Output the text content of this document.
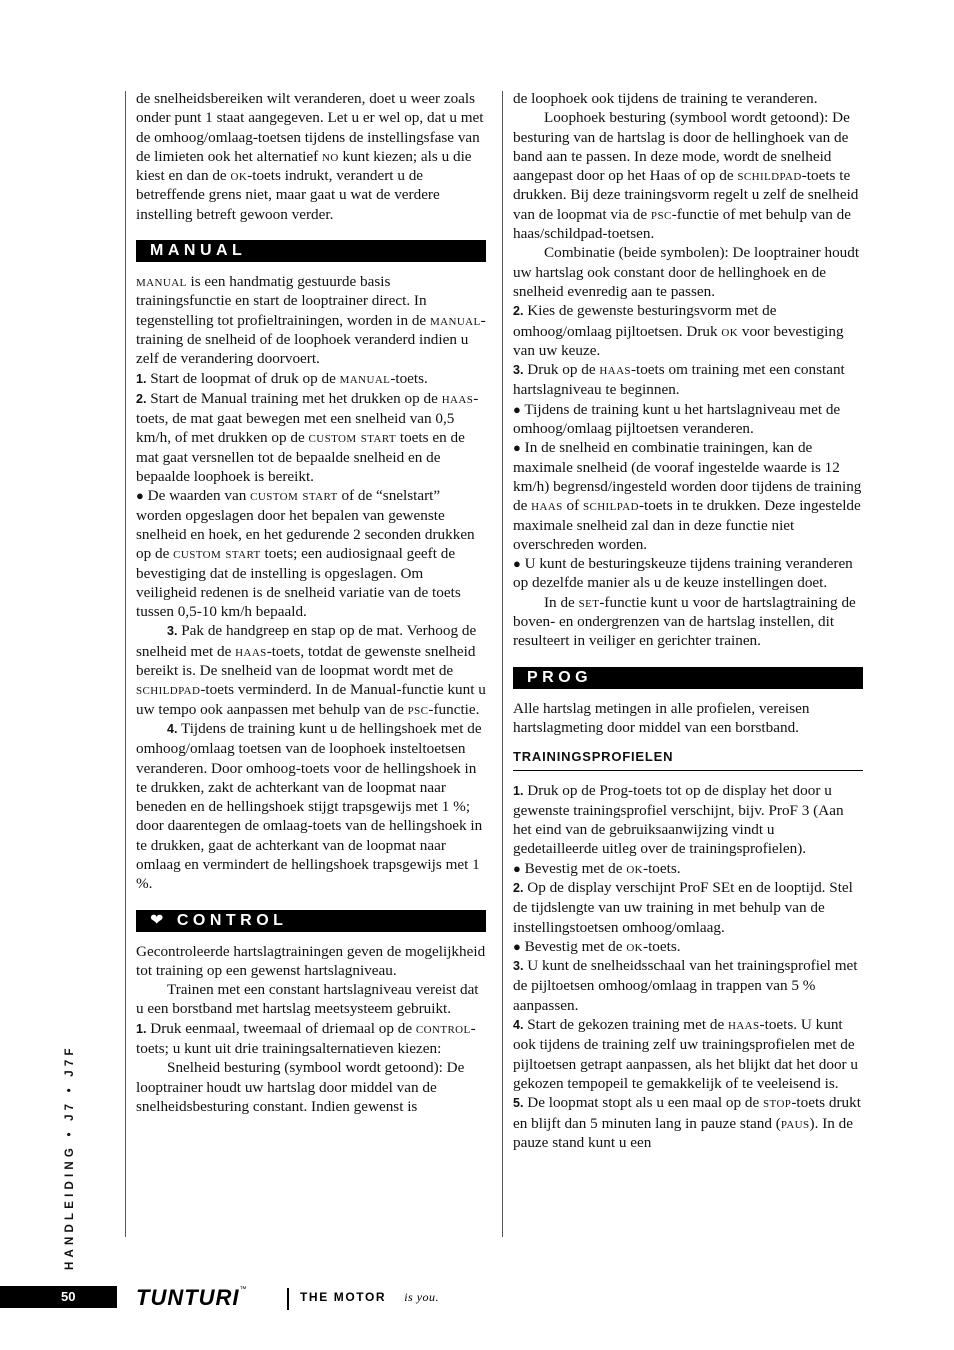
de snelheidsbereiken wilt veranderen, doet u weer zoals onder punt 1 staat aangegeven. Let u er wel op, dat u met de omhoog/omlaag-toetsen tijdens de instellingsfase van de limieten ook het alternatief no kunt kiezen; als u die kiest en dan de ok-toets indrukt, verandert u de betreffende grens niet, maar gaat u wat de verdere instelling betreft gewoon verder.

MANUAL

manual is een handmatig gestuurde basis trainingsfunctie en start de looptrainer direct. In tegenstelling tot profieltrainingen, worden in de manual-training de snelheid of de loophoek veranderd indien u zelf de verandering doorvoert.

1. Start de loopmat of druk op de manual-toets.

2. Start de Manual training met het drukken op de haas-toets, de mat gaat bewegen met een snelheid van 0,5 km/h, of met drukken op de custom start toets en de mat gaat versnellen tot de bepaalde snelheid en de bepaalde loophoek is bereikt.

● De waarden van custom start of de “snelstart” worden opgeslagen door het bepalen van gewenste snelheid en hoek, en het gedurende 2 seconden drukken op de custom start toets; een audiosignaal geeft de bevestiging dat de instelling is opgeslagen. Om veiligheid redenen is de snelheid variatie van de toets tussen 0,5-10 km/h bepaald.

3. Pak de handgreep en stap op de mat. Verhoog de snelheid met de haas-toets, totdat de gewenste snelheid bereikt is. De snelheid van de loopmat wordt met de schildpad-toets verminderd. In de Manual-functie kunt u uw tempo ook aanpassen met behulp van de psc-functie.

4. Tijdens de training kunt u de hellingshoek met de omhoog/omlaag toetsen van de loophoek insteltoetsen veranderen. Door omhoog-toets voor de hellingshoek in te drukken, zakt de achterkant van de loopmat naar beneden en de hellingshoek stijgt trapsgewijs met 1 %; door daarentegen de omlaag-toets van de hellingshoek in te drukken, gaat de achterkant van de loopmat naar omlaag en vermindert de hellingshoek trapsgewijs met 1 %.

❤ CONTROL

Gecontroleerde hartslagtrainingen geven de mogelijkheid tot training op een gewenst hartslagniveau.

Trainen met een constant hartslagniveau vereist dat u een borstband met hartslag meetsysteem gebruikt.

1. Druk eenmaal, tweemaal of driemaal op de control-toets; u kunt uit drie trainingsalternatieven kiezen:

Snelheid besturing (symbool wordt getoond): De looptrainer houdt uw hartslag door middel van de snelheidsbesturing constant. Indien gewenst is

de loophoek ook tijdens de training te veranderen.

Loophoek besturing (symbool wordt getoond): De besturing van de hartslag is door de hellinghoek van de band aan te passen. In deze mode, wordt de snelheid aangepast door op het Haas of op de schildpad-toets te drukken. Bij deze trainingsvorm regelt u zelf de snelheid van de loopmat via de psc-functie of met behulp van de haas/schildpad-toetsen.

Combinatie (beide symbolen): De looptrainer houdt uw hartslag ook constant door de hellinghoek en de snelheid evenredig aan te passen.

2. Kies de gewenste besturingsvorm met de omhoog/omlaag pijltoetsen. Druk ok voor bevestiging van uw keuze.

3. Druk op de haas-toets om training met een constant hartslagniveau te beginnen.

● Tijdens de training kunt u het hartslagniveau met de omhoog/omlaag pijltoetsen veranderen.

● In de snelheid en combinatie trainingen, kan de maximale snelheid (de vooraf ingestelde waarde is 12 km/h) begrensd/ingesteld worden door tijdens de training de haas of schilpad-toets in te drukken. Deze ingestelde maximale snelheid zal dan in deze functie niet overschreden worden.

● U kunt de besturingskeuze tijdens training veranderen op dezelfde manier als u de keuze instellingen doet.

In de set-functie kunt u voor de hartslagtraining de boven- en ondergrenzen van de hartslag instellen, dit resulteert in veiliger en gerichter trainen.

PROG

Alle hartslag metingen in alle profielen, vereisen hartslagmeting door middel van een borstband.

TRAININGSPROFIELEN

1. Druk op de Prog-toets tot op de display het door u gewenste trainingsprofiel verschijnt, bijv. ProF 3 (Aan het eind van de gebruiksaanwijzing vindt u gedetailleerde uitleg over de trainingsprofielen).

● Bevestig met de ok-toets.

2. Op de display verschijnt ProF SEt en de looptijd. Stel de tijdslengte van uw training in met behulp van de instellingstoetsen omhoog/omlaag.

● Bevestig met de ok-toets.

3. U kunt de snelheidsschaal van het trainingsprofiel met de pijltoetsen omhoog/omlaag in trappen van 5 % aanpassen.

4. Start de gekozen training met de haas-toets. U kunt ook tijdens de training zelf uw trainingsprofielen met de pijltoetsen getrapt aanpassen, als het blijkt dat het door u gekozen tempopeil te gemakkelijk of te veeleisend is.

5. De loopmat stopt als u een maal op de stop-toets drukt en blijft dan 5 minuten lang in pauze stand (paus). In de pauze stand kunt u een

HANDLEIDING • J7 • J7F
50	TUNTURI™
THE MOTOR is you.
